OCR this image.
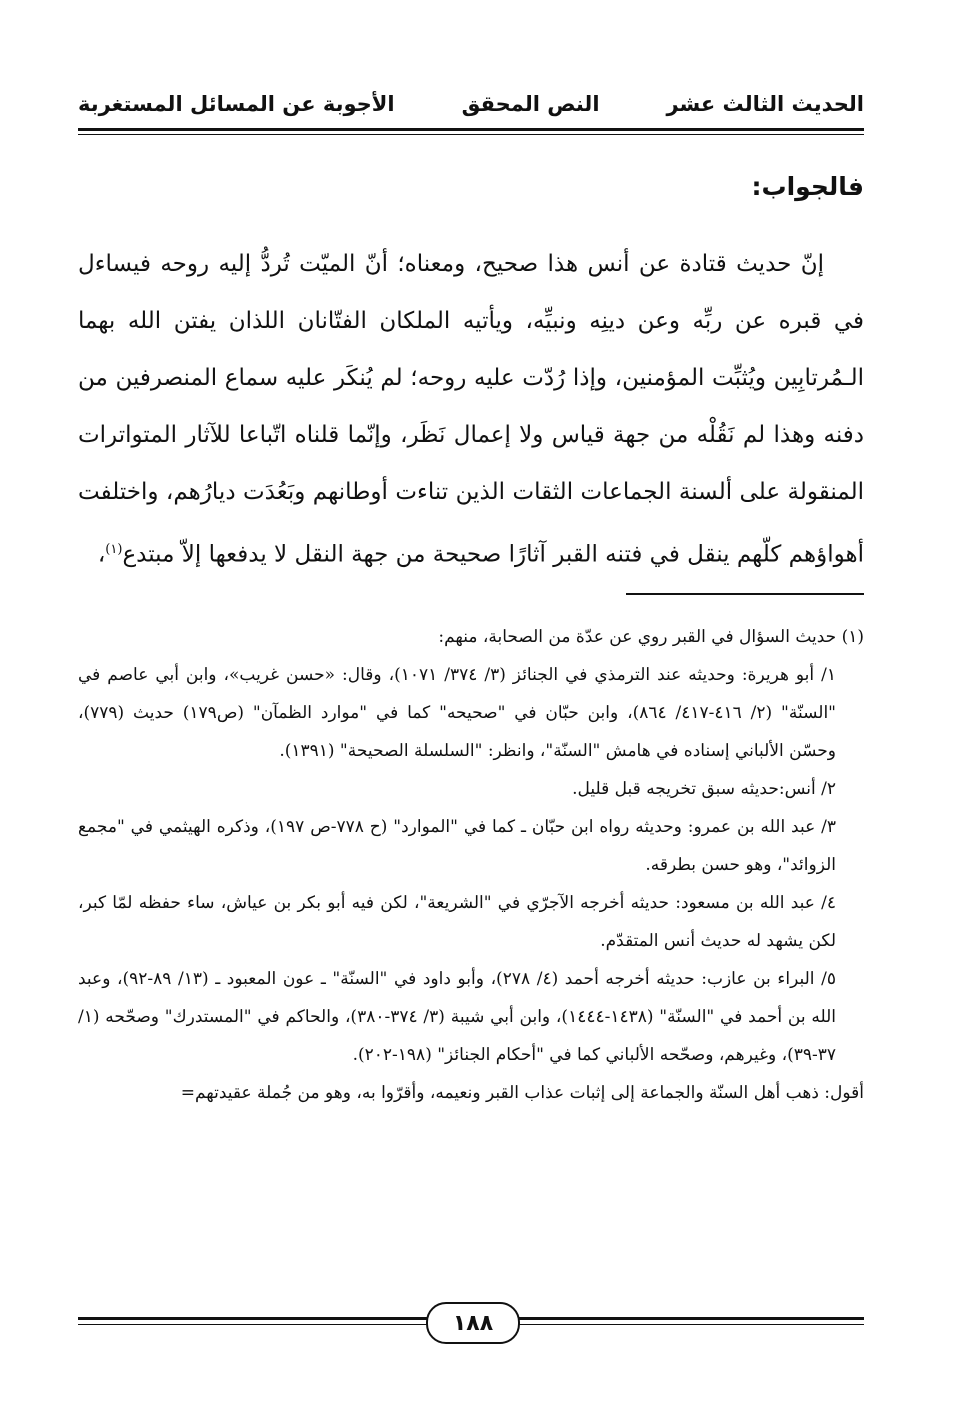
الحديث الثالث عشر
النص المحقق
الأجوبة عن المسائل المستغربة
فالجواب:

إنّ حديث قتادة عن أنس هذا صحيح، ومعناه؛ أنّ الميّت تُردُّ إليه روحه فيساءل في قبره عن ربِّه وعن دينِه ونبيِّه، ويأتيه الملكان الفتّانان اللذان يفتن الله بهما الـمُرتابِين ويُثبِّت المؤمنين، وإذا رُدّت عليه روحه؛ لم يُنكَر عليه سماع المنصرفين من دفنه وهذا لم نَقُلْه من جهة قياس ولا إعمال نَظَر، وإنّما قلناه اتّباعا للآثار المتواترات المنقولة على ألسنة الجماعات الثقات الذين تناءت أوطانهم وبَعُدَت ديارُهم، واختلفت أهواؤهم كلّهم ينقل في فتنه القبر آثارًا صحيحة من جهة النقل لا يدفعها إلاّ مبتدع$^{(١)}$،

(١) حديث السؤال في القبر روي عن عدّة من الصحابة، منهم:

١/ أبو هريرة: وحديثه عند الترمذي في الجنائز (٣/ ٣٧٤/ ١٠٧١)، وقال: «حسن غريب»، وابن أبي عاصم في "السنّة" (٢/ ٤١٦-٤١٧/ ٨٦٤)، وابن حبّان في "صحيحه" كما في "موارد الظمآن" (ص١٧٩) حديث (٧٧٩)، وحسّن الألباني إسناده في هامش "السنّة"، وانظر: "السلسلة الصحيحة" (١٣٩١).

٢/ أنس:حديثه سبق تخريجه قبل قليل.

٣/ عبد الله بن عمرو: وحديثه رواه ابن حبّان ـ كما في "الموارد" (ح ٧٧٨-ص ١٩٧)، وذكره الهيثمي في "مجمع الزوائد"، وهو حسن بطرقه.

٤/ عبد الله بن مسعود: حديثه أخرجه الآجرّي في "الشريعة"، لكن فيه أبو بكر بن عياش، ساء حفظه لمّا كبر، لكن يشهد له حديث أنس المتقدّم.

٥/ البراء بن عازب: حديثه أخرجه أحمد (٤/ ٢٧٨)، وأبو داود في "السنّة" ـ عون المعبود ـ (١٣/ ٨٩-٩٢)، وعبد الله بن أحمد في "السنّة" (١٤٣٨-١٤٤٤)، وابن أبي شيبة (٣/ ٣٧٤-٣٨٠)، والحاكم في "المستدرك" وصحّحه (١/ ٣٧-٣٩)، وغيرهم، وصحّحه الألباني كما في "أحكام الجنائز" (١٩٨-٢٠٢).

أقول: ذهب أهل السنّة والجماعة إلى إثبات عذاب القبر ونعيمه، وأقرّوا به، وهو من جُملة عقيدتهم=

١٨٨
